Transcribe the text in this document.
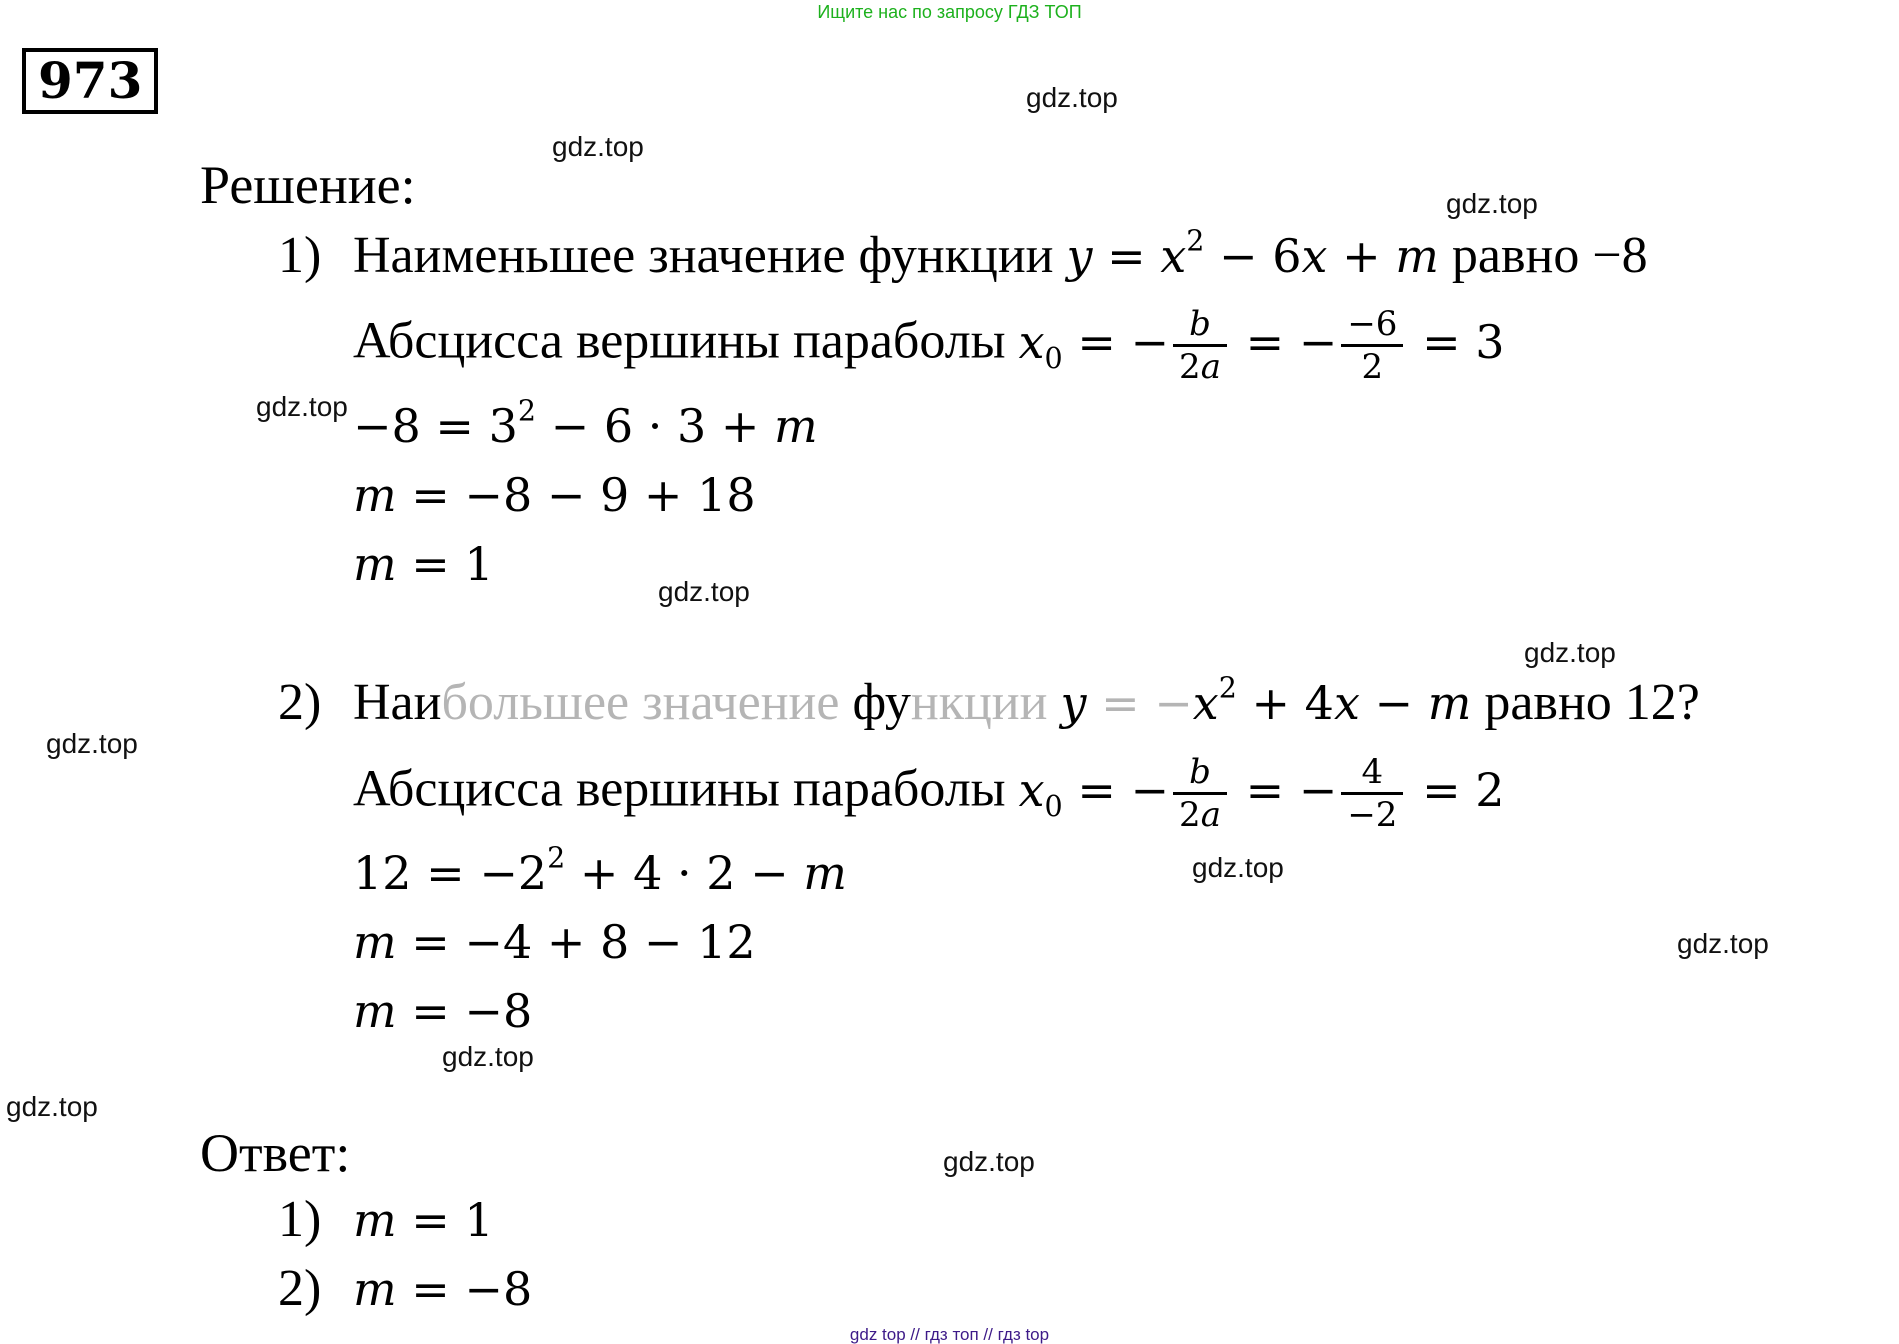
Ищите нас по запросу ГДЗ ТОП
973
Решение:
1) Наименьшее значение функции $y = x^2 - 6x + m$ равно −8
Абсцисса вершины параболы $x_0$ = − $\frac{b}{2a}$ = − $\frac{-6}{2} = 3$
$-8 = 3^2 - 6 \cdot 3 + m$
m = −8 − 9 + 18
m = 1
2) Наибольшее значение функции $y = -x^2 + 4x - m$ равно 12?
Абсцисса вершины параболы $x_0$ = − $\frac{b}{2a}$ = − $\frac{4}{-2} = 2$
$12 = -2^2 + 4 \cdot 2 - m$
m = −4 + 8 − 12
m = −8
Ответ:
1) m = 1
2) m = −8
gdz.top
gdz.top
gdz.top
gdz.top
gdz.top
gdz.top
gdz.top
gdz.top
gdz.top
gdz.top
gdz.top
gdz.top
gdz top // гдз топ // гдз top
